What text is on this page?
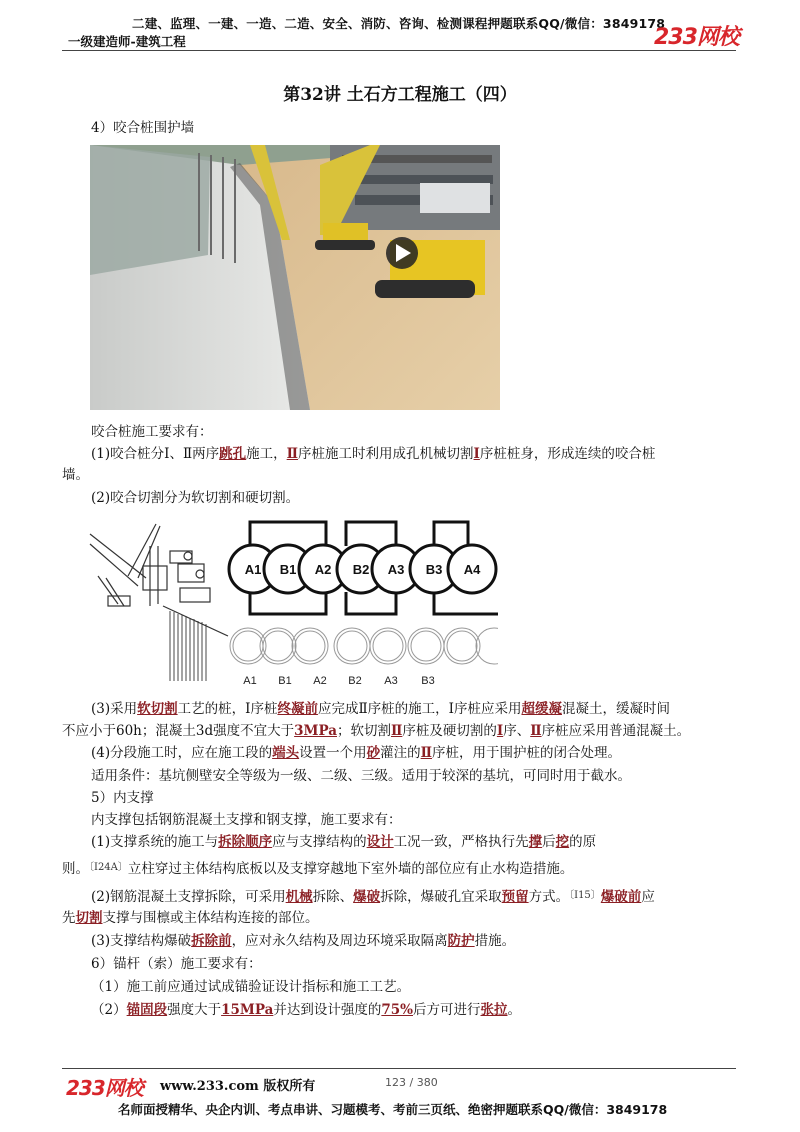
二建、监理、一建、一造、二造、安全、消防、咨询、检测课程押题联系QQ/微信：3849178
一级建造师-建筑工程	233网校
第32讲 土石方工程施工（四）
4）咬合桩围护墙
咬合桩施工要求有：
(1)咬合桩分Ⅰ、Ⅱ两序跳孔施工，Ⅱ序桩施工时利用成孔机械切割Ⅰ序桩桩身，形成连续的咬合桩
墙。
(2)咬合切割分为软切割和硬切割。
A1 B1 A2 B2 A3 B3 A4
A1 B1 A2 B2 A3 B3
(3)采用软切割工艺的桩，Ⅰ序桩终凝前应完成Ⅱ序桩的施工，Ⅰ序桩应采用超缓凝混凝土，缓凝时间
不应小于60h；混凝土3d强度不宜大于3MPa；软切割Ⅱ序桩及硬切割的Ⅰ序、Ⅱ序桩应采用普通混凝土。
(4)分段施工时，应在施工段的端头设置一个用砂灌注的Ⅱ序桩，用于围护桩的闭合处理。
适用条件：基坑侧壁安全等级为一级、二级、三级。适用于较深的基坑，可同时用于截水。
5）内支撑
内支撑包括钢筋混凝土支撑和钢支撑，施工要求有：
(1)支撑系统的施工与拆除顺序应与支撑结构的设计工况一致，严格执行先撑后挖的原
则。$^{〔Ⅰ24A〕}$立柱穿过主体结构底板以及支撑穿越地下室外墙的部位应有止水构造措施。
(2)钢筋混凝土支撑拆除，可采用机械拆除、爆破拆除，爆破孔宜采取预留方式。$^{〔Ⅰ15〕}$爆破前应
先切割支撑与围檩或主体结构连接的部位。
(3)支撑结构爆破拆除前，应对永久结构及周边环境采取隔离防护措施。
6）锚杆（索）施工要求有：
（1）施工前应通过试成锚验证设计指标和施工工艺。
（2）锚固段强度大于15MPa并达到设计强度的75%后方可进行张拉。
233网校 www.233.com 版权所有	123 / 380
名师面授精华、央企内训、考点串讲、习题模考、考前三页纸、绝密押题联系QQ/微信：3849178
